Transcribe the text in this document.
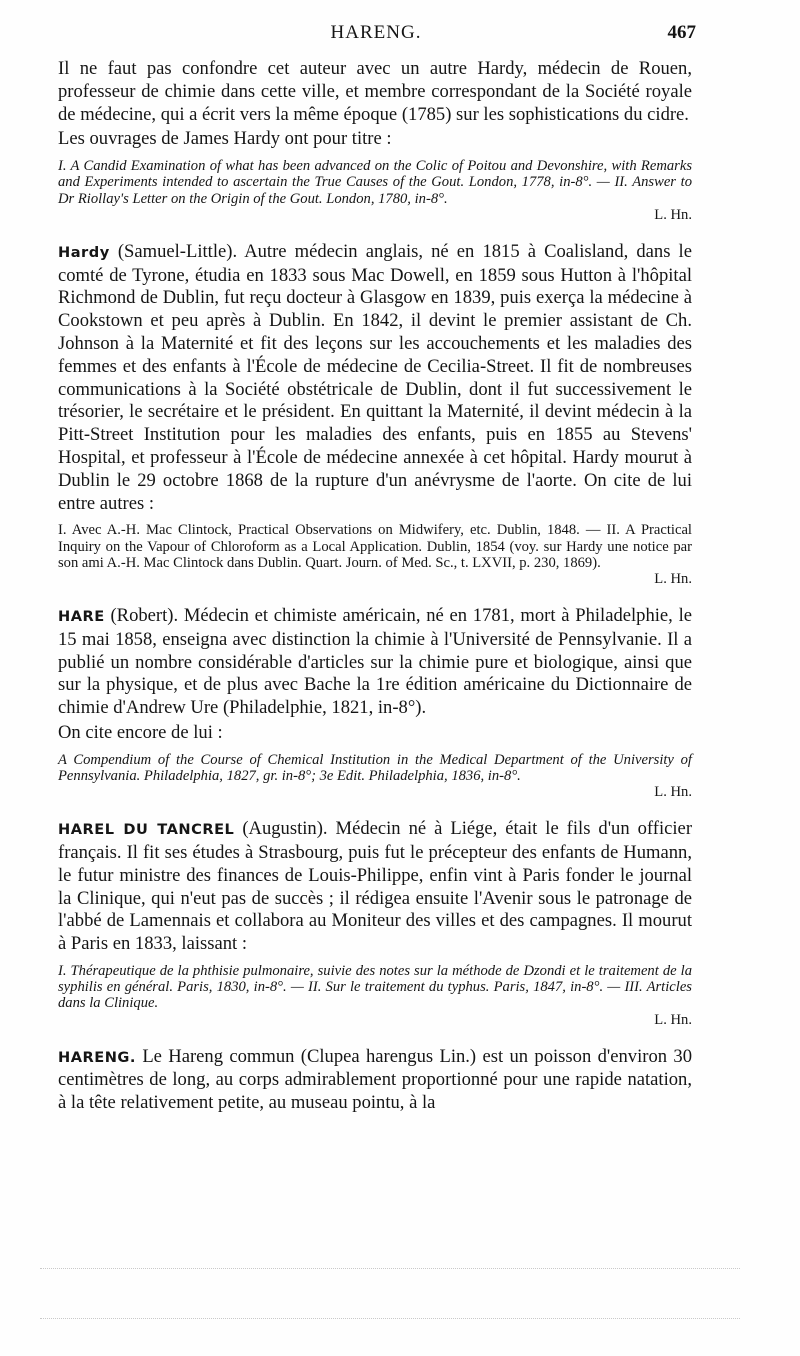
HARENG.	467

Il ne faut pas confondre cet auteur avec un autre Hardy, médecin de Rouen, professeur de chimie dans cette ville, et membre correspondant de la Société royale de médecine, qui a écrit vers la même époque (1785) sur les sophistications du cidre.

Les ouvrages de James Hardy ont pour titre :

I. A Candid Examination of what has been advanced on the Colic of Poitou and Devonshire, with Remarks and Experiments intended to ascertain the True Causes of the Gout. London, 1778, in-8°. — II. Answer to Dr Riollay's Letter on the Origin of the Gout. London, 1780, in-8°.

L. Hn.

Hardy (Samuel-Little). Autre médecin anglais, né en 1815 à Coalisland, dans le comté de Tyrone, étudia en 1833 sous Mac Dowell, en 1859 sous Hutton à l'hôpital Richmond de Dublin, fut reçu docteur à Glasgow en 1839, puis exerça la médecine à Cookstown et peu après à Dublin. En 1842, il devint le premier assistant de Ch. Johnson à la Maternité et fit des leçons sur les accouchements et les maladies des femmes et des enfants à l'École de médecine de Cecilia-Street. Il fit de nombreuses communications à la Société obstétricale de Dublin, dont il fut successivement le trésorier, le secrétaire et le président. En quittant la Maternité, il devint médecin à la Pitt-Street Institution pour les maladies des enfants, puis en 1855 au Stevens' Hospital, et professeur à l'École de médecine annexée à cet hôpital. Hardy mourut à Dublin le 29 octobre 1868 de la rupture d'un anévrysme de l'aorte. On cite de lui entre autres :

I. Avec A.-H. Mac Clintock, Practical Observations on Midwifery, etc. Dublin, 1848. — II. A Practical Inquiry on the Vapour of Chloroform as a Local Application. Dublin, 1854 (voy. sur Hardy une notice par son ami A.-H. Mac Clintock dans Dublin. Quart. Journ. of Med. Sc., t. LXVII, p. 230, 1869).

L. Hn.

HARE (Robert). Médecin et chimiste américain, né en 1781, mort à Philadelphie, le 15 mai 1858, enseigna avec distinction la chimie à l'Université de Pennsylvanie. Il a publié un nombre considérable d'articles sur la chimie pure et biologique, ainsi que sur la physique, et de plus avec Bache la 1re édition américaine du Dictionnaire de chimie d'Andrew Ure (Philadelphie, 1821, in-8°).

On cite encore de lui :

A Compendium of the Course of Chemical Institution in the Medical Department of the University of Pennsylvania. Philadelphia, 1827, gr. in-8°; 3e Edit. Philadelphia, 1836, in-8°.

L. Hn.

HAREL DU TANCREL (Augustin). Médecin né à Liége, était le fils d'un officier français. Il fit ses études à Strasbourg, puis fut le précepteur des enfants de Humann, le futur ministre des finances de Louis-Philippe, enfin vint à Paris fonder le journal la Clinique, qui n'eut pas de succès ; il rédigea ensuite l'Avenir sous le patronage de l'abbé de Lamennais et collabora au Moniteur des villes et des campagnes. Il mourut à Paris en 1833, laissant :

I. Thérapeutique de la phthisie pulmonaire, suivie des notes sur la méthode de Dzondi et le traitement de la syphilis en général. Paris, 1830, in-8°. — II. Sur le traitement du typhus. Paris, 1847, in-8°. — III. Articles dans la Clinique.

L. Hn.

HARENG. Le Hareng commun (Clupea harengus Lin.) est un poisson d'environ 30 centimètres de long, au corps admirablement proportionné pour une rapide natation, à la tête relativement petite, au museau pointu, à la
